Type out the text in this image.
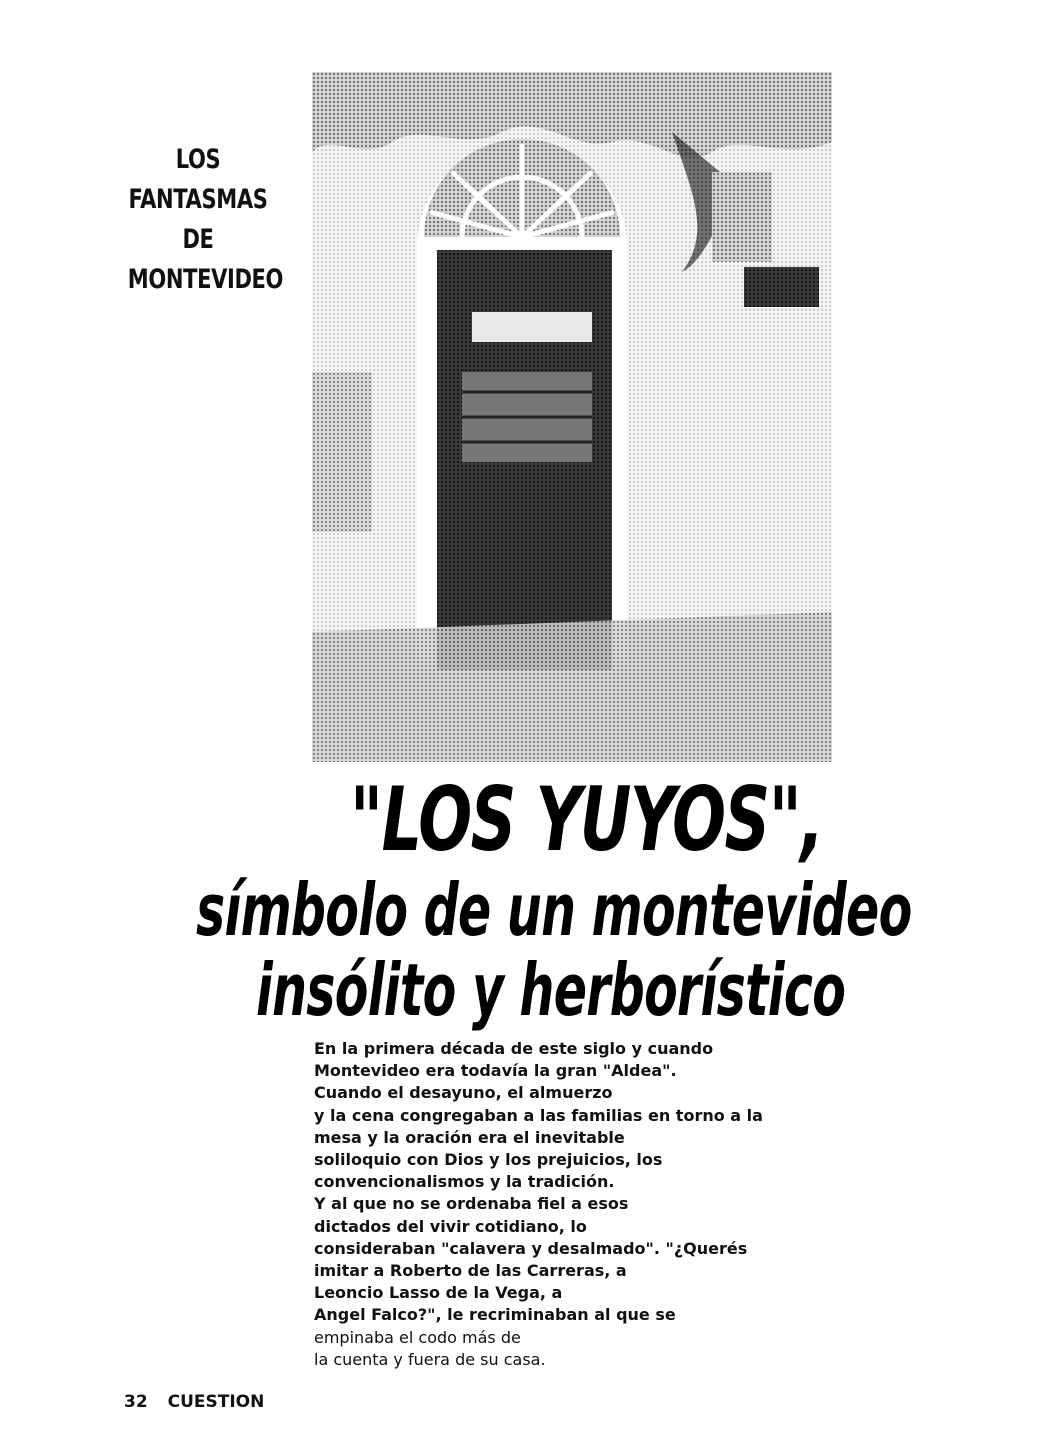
LOS
FANTASMAS
DE
MONTEVIDEO
"LOS YUYOS",
símbolo de un montevideo
insólito y herborístico
En la primera década de este siglo y cuando
Montevideo era todavía la gran "Aldea".
Cuando el desayuno, el almuerzo
y la cena congregaban a las familias en torno a la
mesa y la oración era el inevitable
soliloquio con Dios y los prejuicios, los
convencionalismos y la tradición.
Y al que no se ordenaba fiel a esos
dictados del vivir cotidiano, lo
consideraban "calavera y desalmado". "¿Querés
imitar a Roberto de las Carreras, a
Leoncio Lasso de la Vega, a
Angel Falco?", le recriminaban al que se
empinaba el codo más de
la cuenta y fuera de su casa.
32 CUESTION
